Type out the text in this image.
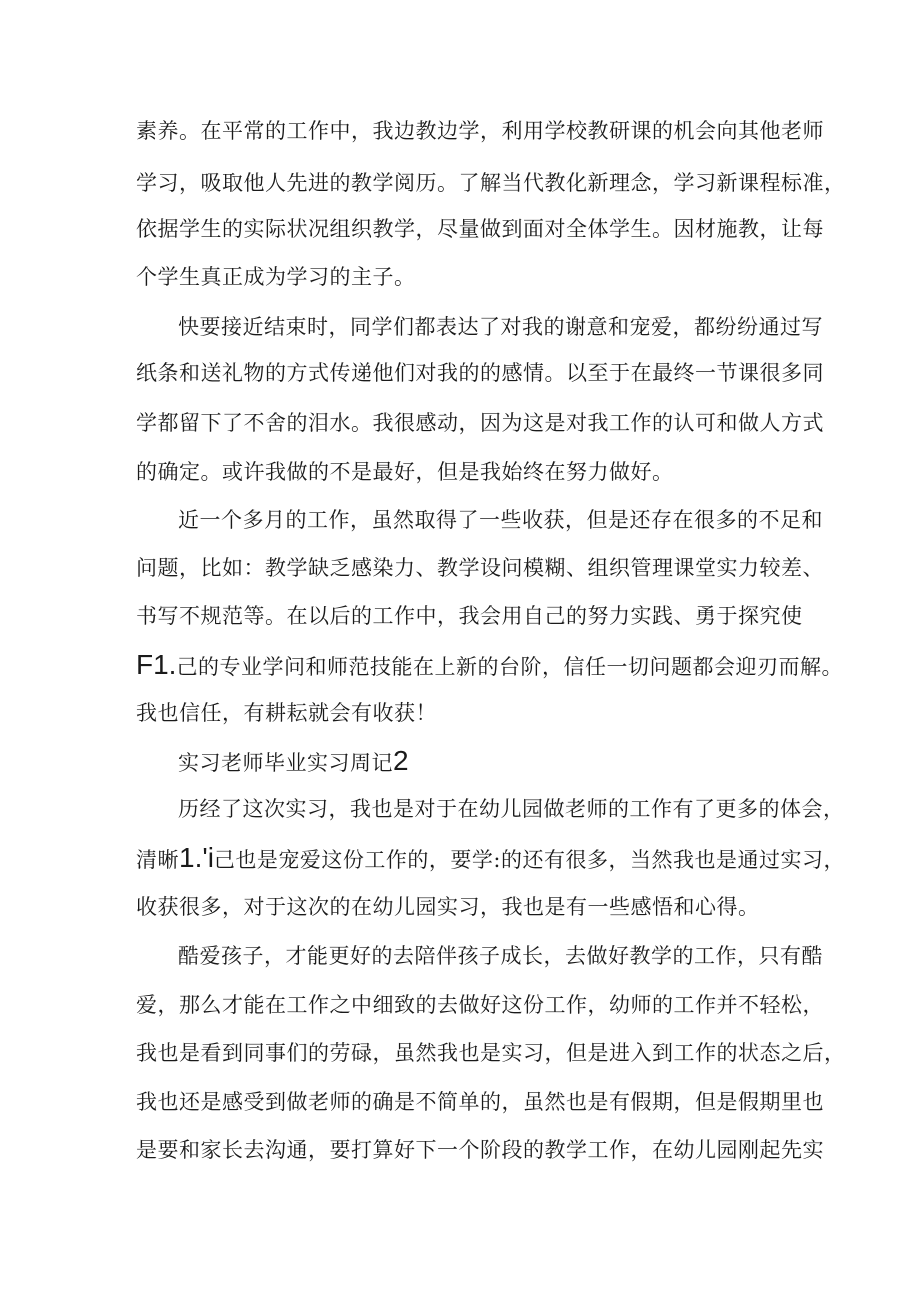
素养。在平常的工作中，我边教边学，利用学校教研课的机会向其他老师
学习，吸取他人先进的教学阅历。了解当代教化新理念，学习新课程标准，
依据学生的实际状况组织教学，尽量做到面对全体学生。因材施教，让每
个学生真正成为学习的主子。
快要接近结束时，同学们都表达了对我的谢意和宠爱，都纷纷通过写
纸条和送礼物的方式传递他们对我的的感情。以至于在最终一节课很多同
学都留下了不舍的泪水。我很感动，因为这是对我工作的认可和做人方式
的确定。或许我做的不是最好，但是我始终在努力做好。
近一个多月的工作，虽然取得了一些收获，但是还存在很多的不足和
问题，比如：教学缺乏感染力、教学设问模糊、组织管理课堂实力较差、
书写不规范等。在以后的工作中，我会用自己的努力实践、勇于探究使
F1.己的专业学问和师范技能在上新的台阶，信任一切问题都会迎刃而解。
我也信任，有耕耘就会有收获！
实习老师毕业实习周记2
历经了这次实习，我也是对于在幼儿园做老师的工作有了更多的体会，
清晰1.'i己也是宠爱这份工作的，要学:的还有很多，当然我也是通过实习，
收获很多，对于这次的在幼儿园实习，我也是有一些感悟和心得。
酷爱孩子，才能更好的去陪伴孩子成长，去做好教学的工作，只有酷
爱，那么才能在工作之中细致的去做好这份工作，幼师的工作并不轻松，
我也是看到同事们的劳碌，虽然我也是实习，但是进入到工作的状态之后，
我也还是感受到做老师的确是不简单的，虽然也是有假期，但是假期里也
是要和家长去沟通，要打算好下一个阶段的教学工作，在幼儿园刚起先实
